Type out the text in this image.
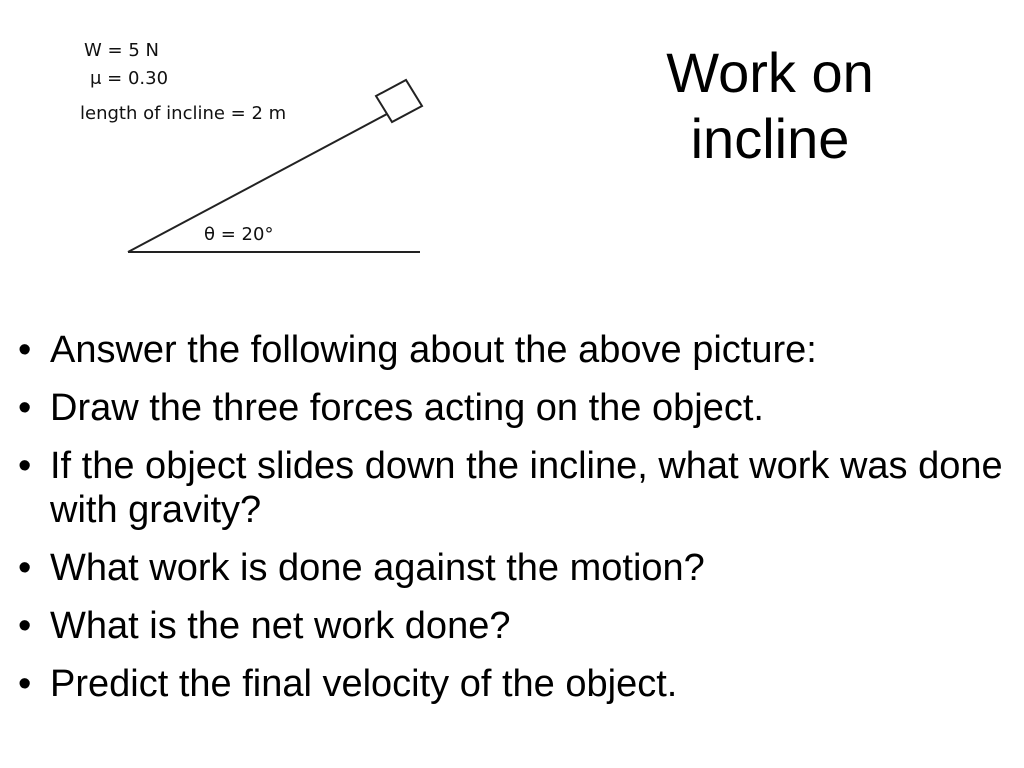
W = 5 N
μ = 0.30
length of incline = 2 m
θ = 20°
Work on
incline
• Answer the following about the above picture:
• Draw the three forces acting on the object.
• If the object slides down the incline, what work was done with gravity?
• What work is done against the motion?
• What is the net work done?
• Predict the final velocity of the object.
